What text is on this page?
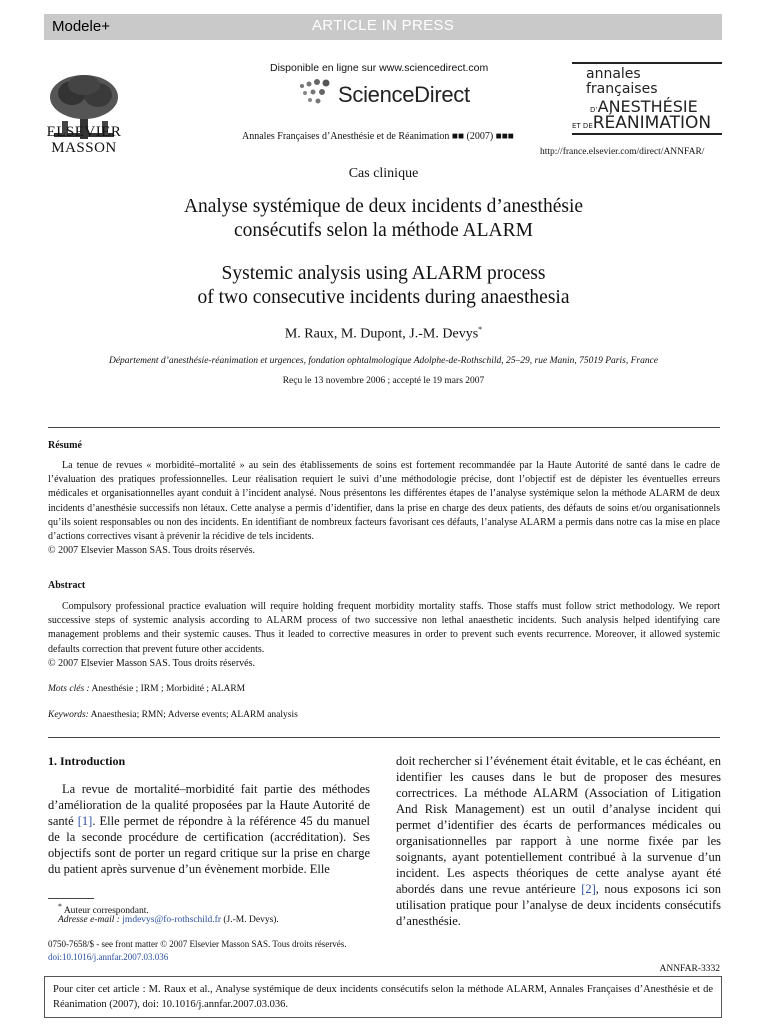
Modele+	ARTICLE IN PRESS
ELSEVIER
MASSON
Disponible en ligne sur www.sciencedirect.com
ScienceDirect
Annales Françaises d’Anesthésie et de Réanimation ■■ (2007) ■■■
annales
françaises
D’ANESTHÉSIE
ET DERÉANIMATION
http://france.elsevier.com/direct/ANNFAR/
Cas clinique
Analyse systémique de deux incidents d’anesthésie
consécutifs selon la méthode ALARM
Systemic analysis using ALARM process
of two consecutive incidents during anaesthesia
M. Raux, M. Dupont, J.-M. Devys*
Département d’anesthésie-réanimation et urgences, fondation ophtalmologique Adolphe-de-Rothschild, 25–29, rue Manin, 75019 Paris, France
Reçu le 13 novembre 2006 ; accepté le 19 mars 2007
Résumé

La tenue de revues « morbidité–mortalité » au sein des établissements de soins est fortement recommandée par la Haute Autorité de santé dans le cadre de l’évaluation des pratiques professionnelles. Leur réalisation requiert le suivi d’une méthodologie précise, dont l’objectif est de dépister les éventuelles erreurs médicales et organisationnelles ayant conduit à l’incident analysé. Nous présentons les différentes étapes de l’analyse systémique selon la méthode ALARM de deux incidents d’anesthésie successifs non létaux. Cette analyse a permis d’identifier, dans la prise en charge des deux patients, des défauts de soins et/ou organisationnels qu’ils soient responsables ou non des incidents. En identifiant de nombreux facteurs favorisant ces défauts, l’analyse ALARM a permis dans notre cas la mise en place d’actions correctives visant à prévenir la récidive de tels incidents.

© 2007 Elsevier Masson SAS. Tous droits réservés.

Abstract

Compulsory professional practice evaluation will require holding frequent morbidity mortality staffs. Those staffs must follow strict methodology. We report successive steps of systemic analysis according to ALARM process of two successive non lethal anaesthetic incidents. Such analysis helped identifying care management problems and their systemic causes. Thus it leaded to corrective measures in order to prevent such events recurrence. Moreover, it allowed systemic defaults correction that prevent future other accidents.

© 2007 Elsevier Masson SAS. Tous droits réservés.

Mots clés : Anesthésie ; IRM ; Morbidité ; ALARM
Keywords: Anaesthesia; RMN; Adverse events; ALARM analysis
1. Introduction

La revue de mortalité–morbidité fait partie des méthodes d’amélioration de la qualité proposées par la Haute Autorité de santé [1]. Elle permet de répondre à la référence 45 du manuel de la seconde procédure de certification (accréditation). Ses objectifs sont de porter un regard critique sur la prise en charge du patient après survenue d’un évènement morbide. Elle

doit rechercher si l’événement était évitable, et le cas échéant, en identifier les causes dans le but de proposer des mesures correctrices. La méthode ALARM (Association of Litigation And Risk Management) est un outil d’analyse incident qui permet d’identifier des écarts de performances médicales ou organisationnelles par rapport à une norme fixée par les soignants, ayant potentiellement contribué à la survenue d’un incident. Les aspects théoriques de cette analyse ayant été abordés dans une revue antérieure [2], nous exposons ici son utilisation pratique pour l’analyse de deux incidents consécutifs d’anesthésie.

* Auteur correspondant.
Adresse e-mail : jmdevys@fo-rothschild.fr (J.-M. Devys).
0750-7658/$ - see front matter © 2007 Elsevier Masson SAS. Tous droits réservés.
doi:10.1016/j.annfar.2007.03.036
ANNFAR-3332
Pour citer cet article : M. Raux et al., Analyse systémique de deux incidents consécutifs selon la méthode ALARM, Annales Françaises d’Anesthésie et de Réanimation (2007), doi: 10.1016/j.annfar.2007.03.036.
